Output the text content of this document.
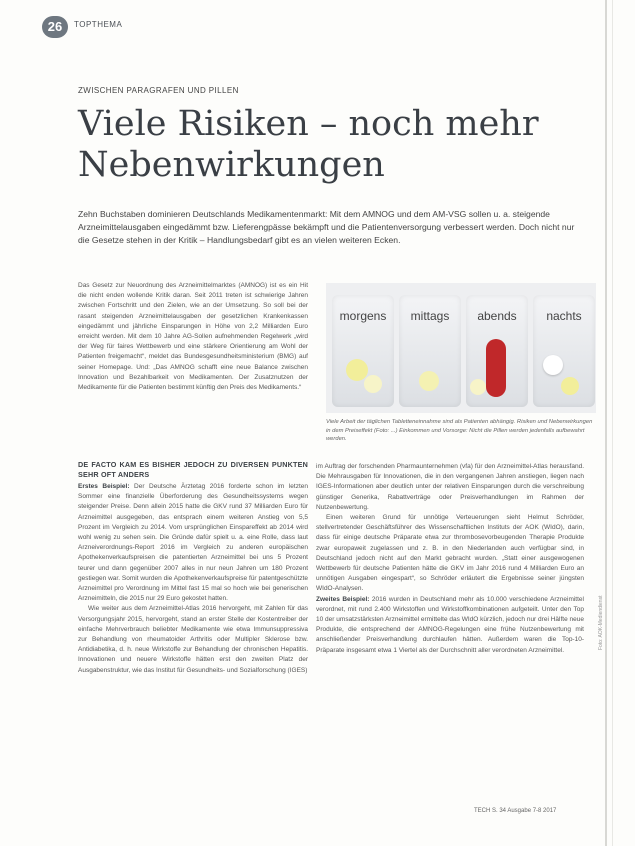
26	TOPTHEMA
ZWISCHEN PARAGRAFEN UND PILLEN
Viele Risiken – noch mehr Nebenwirkungen

Zehn Buchstaben dominieren Deutschlands Medikamentenmarkt: Mit dem AMNOG und dem AM-VSG sollen u. a. steigende Arzneimittelausgaben eingedämmt bzw. Lieferengpässe bekämpft und die Patientenversorgung verbessert werden. Doch nicht nur die Gesetze stehen in der Kritik – Handlungsbedarf gibt es an vielen weiteren Ecken.

Das Gesetz zur Neuordnung des Arzneimittelmarktes (AMNOG) ist es ein Hit die nicht enden wollende Kritik daran. Seit 2011 treten ist schwierige Jahren zwischen Fortschritt und den Zielen, wie an der Umsetzung. So soll bei der rasant steigenden Arzneimittelausgaben der gesetzlichen Krankenkassen eingedämmt und jährliche Einsparungen in Höhe von 2,2 Milliarden Euro erreicht werden. Mit dem 10 Jahre AG-Sollen aufnehmenden Regelwerk „wird der Weg für faires Wettbewerb und eine stärkere Orientierung am Wohl der Patienten freigemacht“, meldet das Bundesgesundheitsministerium (BMG) auf seiner Homepage. Und: „Das AMNOG schafft eine neue Balance zwischen Innovation und Bezahlbarkeit von Medikamenten. Der Zusatznutzen der Medikamente für die Patienten bestimmt künftig den Preis des Medikaments.“

DE FACTO KAM ES BISHER JEDOCH ZU DIVERSEN PUNKTEN SEHR OFT ANDERS

Erstes Beispiel: Der Deutsche Ärztetag 2016 forderte schon im letzten Sommer eine finanzielle Überforderung des Gesundheitssystems wegen steigender Preise. Denn allein 2015 hatte die GKV rund 37 Milliarden Euro für Arzneimittel ausgegeben, das entsprach einem weiteren Anstieg von 5,5 Prozent im Vergleich zu 2014. Vom ursprünglichen Einspareffekt ab 2014 wird wohl wenig zu sehen sein. Die Gründe dafür spielt u. a. eine Rolle, dass laut Arzneiverordnungs-Report 2016 im Vergleich zu anderen europäischen Apothekenverkaufspreisen die patentierten Arzneimittel bei uns 5 Prozent teurer und dann gegenüber 2007 alles in nur neun Jahren um 180 Prozent gestiegen war. Somit wurden die Apothekenverkaufspreise für patentgeschützte Arzneimittel pro Verordnung im Mittel fast 15 mal so hoch wie bei generischen Arzneimitteln, die 2015 nur 29 Euro gekostet hatten.

Wie weiter aus dem Arzneimittel-Atlas 2016 hervorgeht, mit Zahlen für das Versorgungsjahr 2015, hervorgeht, stand an erster Stelle der Kostentreiber der einfache Mehrverbrauch beliebter Medikamente wie etwa Immunsuppressiva zur Behandlung von rheumatoider Arthritis oder Multipler Sklerose bzw. Antidiabetika, d. h. neue Wirkstoffe zur Behandlung der chronischen Hepatitis. Innovationen und neuere Wirkstoffe hätten erst den zweiten Platz der Ausgabenstruktur, wie das Institut für Gesundheits- und Sozialforschung (IGES)

morgens	mittags	abends	nachts
Viele Arbeit der täglichen Tabletteneinnahme sind als Patienten abhängig. Risiken und Nebenwirkungen in dem Preiseffekt (Foto: ...) Einkommen und Vorsorge: Nicht die Pillen werden jedenfalls aufbewahrt werden.

im Auftrag der forschenden Pharmaunternehmen (vfa) für den Arzneimittel-Atlas herausfand. Die Mehrausgaben für Innovationen, die in den vergangenen Jahren anstiegen, liegen nach IGES-Informationen aber deutlich unter der relativen Einsparungen durch die verschreibung günstiger Generika, Rabattverträge oder Preisverhandlungen im Rahmen der Nutzenbewertung.

Einen weiteren Grund für unnötige Verteuerungen sieht Helmut Schröder, stellvertretender Geschäftsführer des Wissenschaftlichen Instituts der AOK (WIdO), darin, dass für einige deutsche Präparate etwa zur thrombosevorbeugenden Therapie Produkte zwar europaweit zugelassen und z. B. in den Niederlanden auch verfügbar sind, in Deutschland jedoch nicht auf den Markt gebracht wurden. „Statt einer ausgewogenen Wettbewerb für deutsche Patienten hätte die GKV im Jahr 2016 rund 4 Milliarden Euro an unnötigen Ausgaben eingespart“, so Schröder erläutert die Ergebnisse seiner jüngsten WIdO-Analysen.

Zweites Beispiel: 2016 wurden in Deutschland mehr als 10.000 verschiedene Arzneimittel verordnet, mit rund 2.400 Wirkstoffen und Wirkstoffkombinationen aufgeteilt. Unter den Top 10 der umsatzstärksten Arzneimittel ermittelte das WIdO kürzlich, jedoch nur drei Hälfte neue Produkte, die entsprechend der AMNOG-Regelungen eine frühe Nutzenbewertung mit anschließender Preisverhandlung durchlaufen hätten. Außerdem waren die Top-10-Präparate insgesamt etwa 1 Viertel als der Durchschnitt aller verordneten Arzneimittel.

TECH S. 34 Ausgabe 7-8 2017
Foto: AOK-Mediendienst
